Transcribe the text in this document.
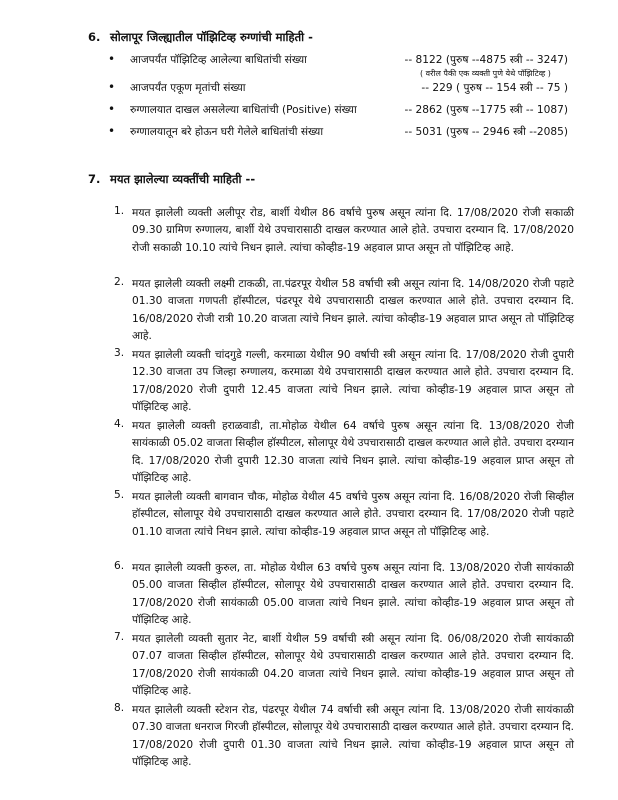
6. सोलापूर जिल्ह्यातील पॉझिटिव्ह रुग्णांची माहिती -
• आजपर्यंत पॉझिटिव्ह आलेल्या बाधितांची संख्या	-- 8122 (पुरुष --4875 स्त्री -- 3247)
( वरील पैकी एक व्यक्ती पुणे येथे पॉझिटिव्ह )
• आजपर्यंत एकूण मृतांची संख्या	-- 229 ( पुरुष -- 154 स्त्री -- 75 )
• रुग्णालयात दाखल असलेल्या बाधितांची (Positive) संख्या	-- 2862 (पुरुष --1775 स्त्री -- 1087)
• रुग्णालयातून बरे होऊन घरी गेलेले बाधितांची संख्या	-- 5031 (पुरुष -- 2946 स्त्री --2085)
7. मयत झालेल्या व्यक्तींची माहिती --
1. मयत झालेली व्यक्ती अलीपूर रोड, बार्शी येथील 86 वर्षाचे पुरुष असून त्यांना दि. 17/08/2020 रोजी सकाळी 09.30 ग्रामिण रुग्णालय, बार्शी येथे उपचारासाठी दाखल करण्यात आले होते. उपचारा दरम्यान दि. 17/08/2020 रोजी सकाळी 10.10 त्यांचे निधन झाले. त्यांचा कोव्हीड-19 अहवाल प्राप्त असून तो पॉझिटिव्ह आहे.
2. मयत झालेली व्यक्ती लक्ष्मी टाकळी, ता.पंढरपूर येथील 58 वर्षाची स्त्री असून त्यांना दि. 14/08/2020 रोजी पहाटे 01.30 वाजता गणपती हॉस्पीटल, पंढरपूर येथे उपचारासाठी दाखल करण्यात आले होते. उपचारा दरम्यान दि. 16/08/2020 रोजी रात्री 10.20 वाजता त्यांचे निधन झाले. त्यांचा कोव्हीड-19 अहवाल प्राप्त असून तो पॉझिटिव्ह आहे.
3. मयत झालेली व्यक्ती चांदगुडे गल्ली, करमाळा येथील 90 वर्षाची स्त्री असून त्यांना दि. 17/08/2020 रोजी दुपारी 12.30 वाजता उप जिल्हा रुग्णालय, करमाळा येथे उपचारासाठी दाखल करण्यात आले होते. उपचारा दरम्यान दि. 17/08/2020 रोजी दुपारी 12.45 वाजता त्यांचे निधन झाले. त्यांचा कोव्हीड-19 अहवाल प्राप्त असून तो पॉझिटिव्ह आहे.
4. मयत झालेली व्यक्ती हराळवाडी, ता.मोहोळ येथील 64 वर्षाचे पुरुष असून त्यांना दि. 13/08/2020 रोजी सायंकाळी 05.02 वाजता सिव्हील हॉस्पीटल, सोलापूर येथे उपचारासाठी दाखल करण्यात आले होते. उपचारा दरम्यान दि. 17/08/2020 रोजी दुपारी 12.30 वाजता त्यांचे निधन झाले. त्यांचा कोव्हीड-19 अहवाल प्राप्त असून तो पॉझिटिव्ह आहे.
5. मयत झालेली व्यक्ती बागवान चौक, मोहोळ येथील 45 वर्षाचे पुरुष असून त्यांना दि. 16/08/2020 रोजी सिव्हील हॉस्पीटल, सोलापूर येथे उपचारासाठी दाखल करण्यात आले होते. उपचारा दरम्यान दि. 17/08/2020 रोजी पहाटे 01.10 वाजता त्यांचे निधन झाले. त्यांचा कोव्हीड-19 अहवाल प्राप्त असून तो पॉझिटिव्ह आहे.
6. मयत झालेली व्यक्ती कुरुल, ता. मोहोळ येथील 63 वर्षाचे पुरुष असून त्यांना दि. 13/08/2020 रोजी सायंकाळी 05.00 वाजता सिव्हील हॉस्पीटल, सोलापूर येथे उपचारासाठी दाखल करण्यात आले होते. उपचारा दरम्यान दि. 17/08/2020 रोजी सायंकाळी 05.00 वाजता त्यांचे निधन झाले. त्यांचा कोव्हीड-19 अहवाल प्राप्त असून तो पॉझिटिव्ह आहे.
7. मयत झालेली व्यक्ती सुतार नेट, बार्शी येथील 59 वर्षाची स्त्री असून त्यांना दि. 06/08/2020 रोजी सायंकाळी 07.07 वाजता सिव्हील हॉस्पीटल, सोलापूर येथे उपचारासाठी दाखल करण्यात आले होते. उपचारा दरम्यान दि. 17/08/2020 रोजी सायंकाळी 04.20 वाजता त्यांचे निधन झाले. त्यांचा कोव्हीड-19 अहवाल प्राप्त असून तो पॉझिटिव्ह आहे.
8. मयत झालेली व्यक्ती स्टेशन रोड, पंढरपूर येथील 74 वर्षाची स्त्री असून त्यांना दि. 13/08/2020 रोजी सायंकाळी 07.30 वाजता धनराज गिरजी हॉस्पीटल, सोलापूर येथे उपचारासाठी दाखल करण्यात आले होते. उपचारा दरम्यान दि. 17/08/2020 रोजी दुपारी 01.30 वाजता त्यांचे निधन झाले. त्यांचा कोव्हीड-19 अहवाल प्राप्त असून तो पॉझिटिव्ह आहे.
